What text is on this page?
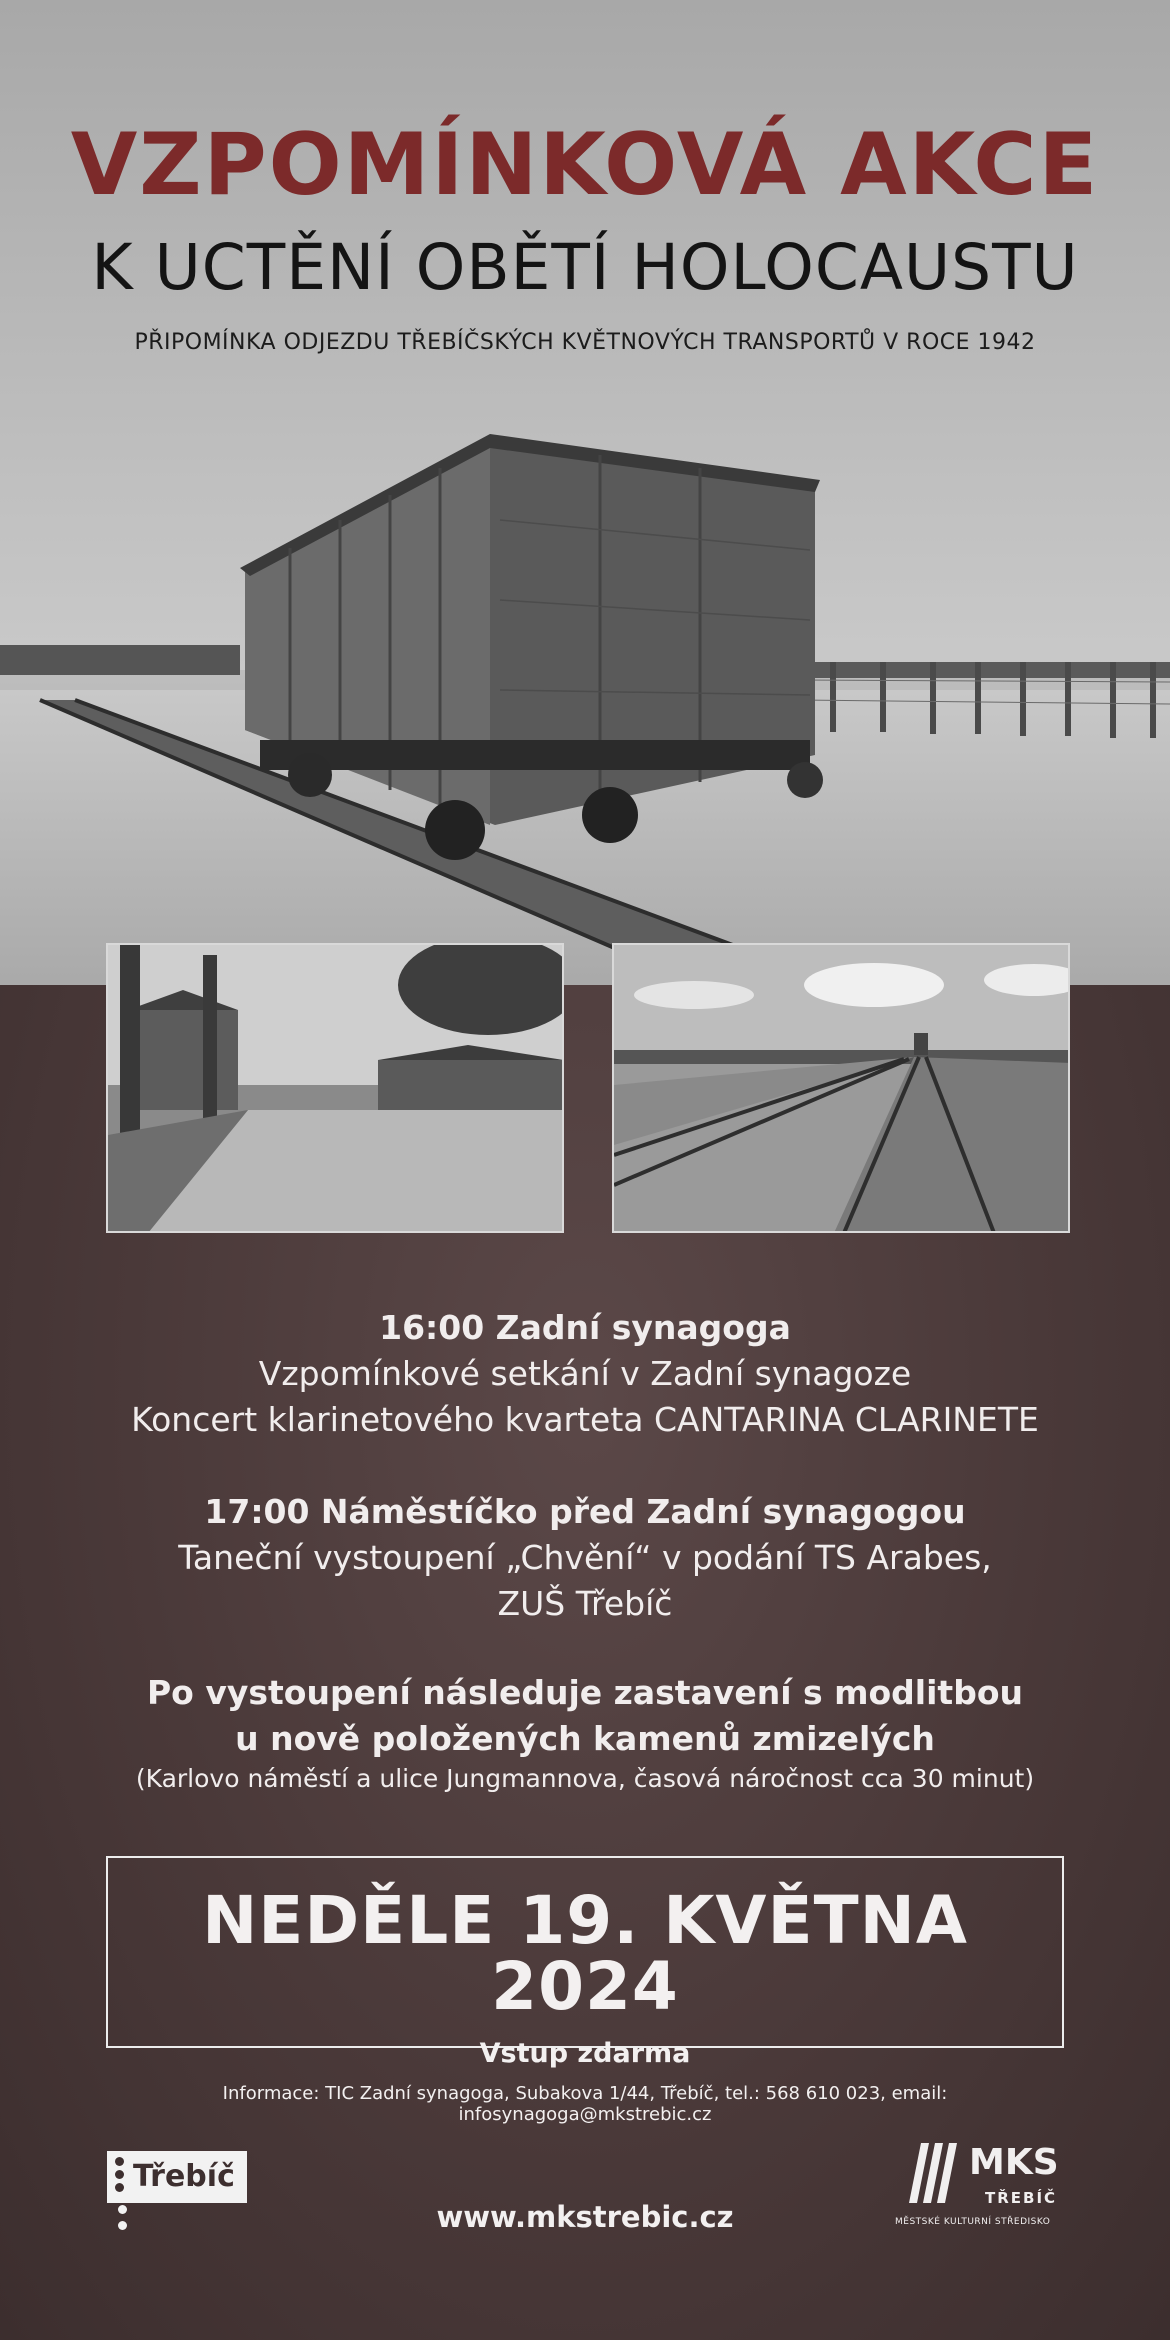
VZPOMÍNKOVÁ AKCE
K UCTĚNÍ OBĚTÍ HOLOCAUSTU
PŘIPOMÍNKA ODJEZDU TŘEBÍČSKÝCH KVĚTNOVÝCH TRANSPORTŮ V ROCE 1942
16:00 Zadní synagoga
Vzpomínkové setkání v Zadní synagoze
Koncert klarinetového kvarteta CANTARINA CLARINETE
17:00 Náměstíčko před Zadní synagogou
Taneční vystoupení „Chvění“ v podání TS Arabes,
ZUŠ Třebíč
Po vystoupení následuje zastavení s modlitbou
u nově položených kamenů zmizelých
(Karlovo náměstí a ulice Jungmannova, časová náročnost cca 30 minut)
NEDĚLE 19. KVĚTNA 2024
Vstup zdarma
Informace: TIC Zadní synagoga, Subakova 1/44, Třebíč, tel.: 568 610 023, email: infosynagoga@mkstrebic.cz
Třebíč
www.mkstrebic.cz
MKS
TŘEBÍČ
MĚSTSKÉ KULTURNÍ STŘEDISKO
